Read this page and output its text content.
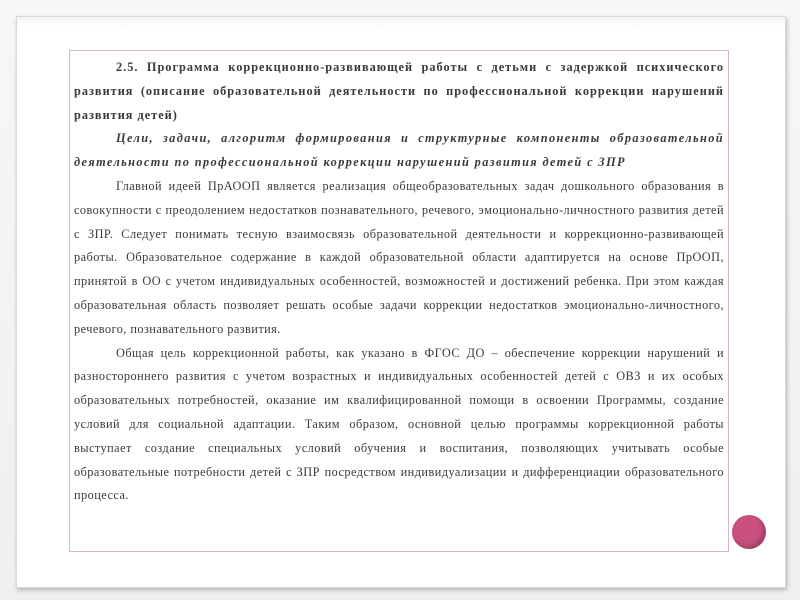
2.5. Программа коррекционно-развивающей работы с детьми с задержкой психического развития (описание образовательной деятельности по профессиональной коррекции нарушений развития детей)

Цели, задачи, алгоритм формирования и структурные компоненты образовательной деятельности по профессиональной коррекции нарушений развития детей с ЗПР

Главной идеей ПрАООП является реализация общеобразовательных задач дошкольного образования в совокупности с преодолением недостатков познавательного, речевого, эмоционально-личностного развития детей с ЗПР. Следует понимать тесную взаимосвязь образовательной деятельности и коррекционно-развивающей работы. Образовательное содержание в каждой образовательной области адаптируется на основе ПрООП, принятой в ОО с учетом индивидуальных особенностей, возможностей и достижений ребенка. При этом каждая образовательная область позволяет решать особые задачи коррекции недостатков эмоционально-личностного, речевого, познавательного развития.

Общая цель коррекционной работы, как указано в ФГОС ДО – обеспечение коррекции нарушений и разностороннего развития с учетом возрастных и индивидуальных особенностей детей с ОВЗ и их особых образовательных потребностей, оказание им квалифицированной помощи в освоении Программы, создание условий для социальной адаптации. Таким образом, основной целью программы коррекционной работы выступает создание специальных условий обучения и воспитания, позволяющих учитывать особые образовательные потребности детей с ЗПР посредством индивидуализации и дифференциации образовательного процесса.
